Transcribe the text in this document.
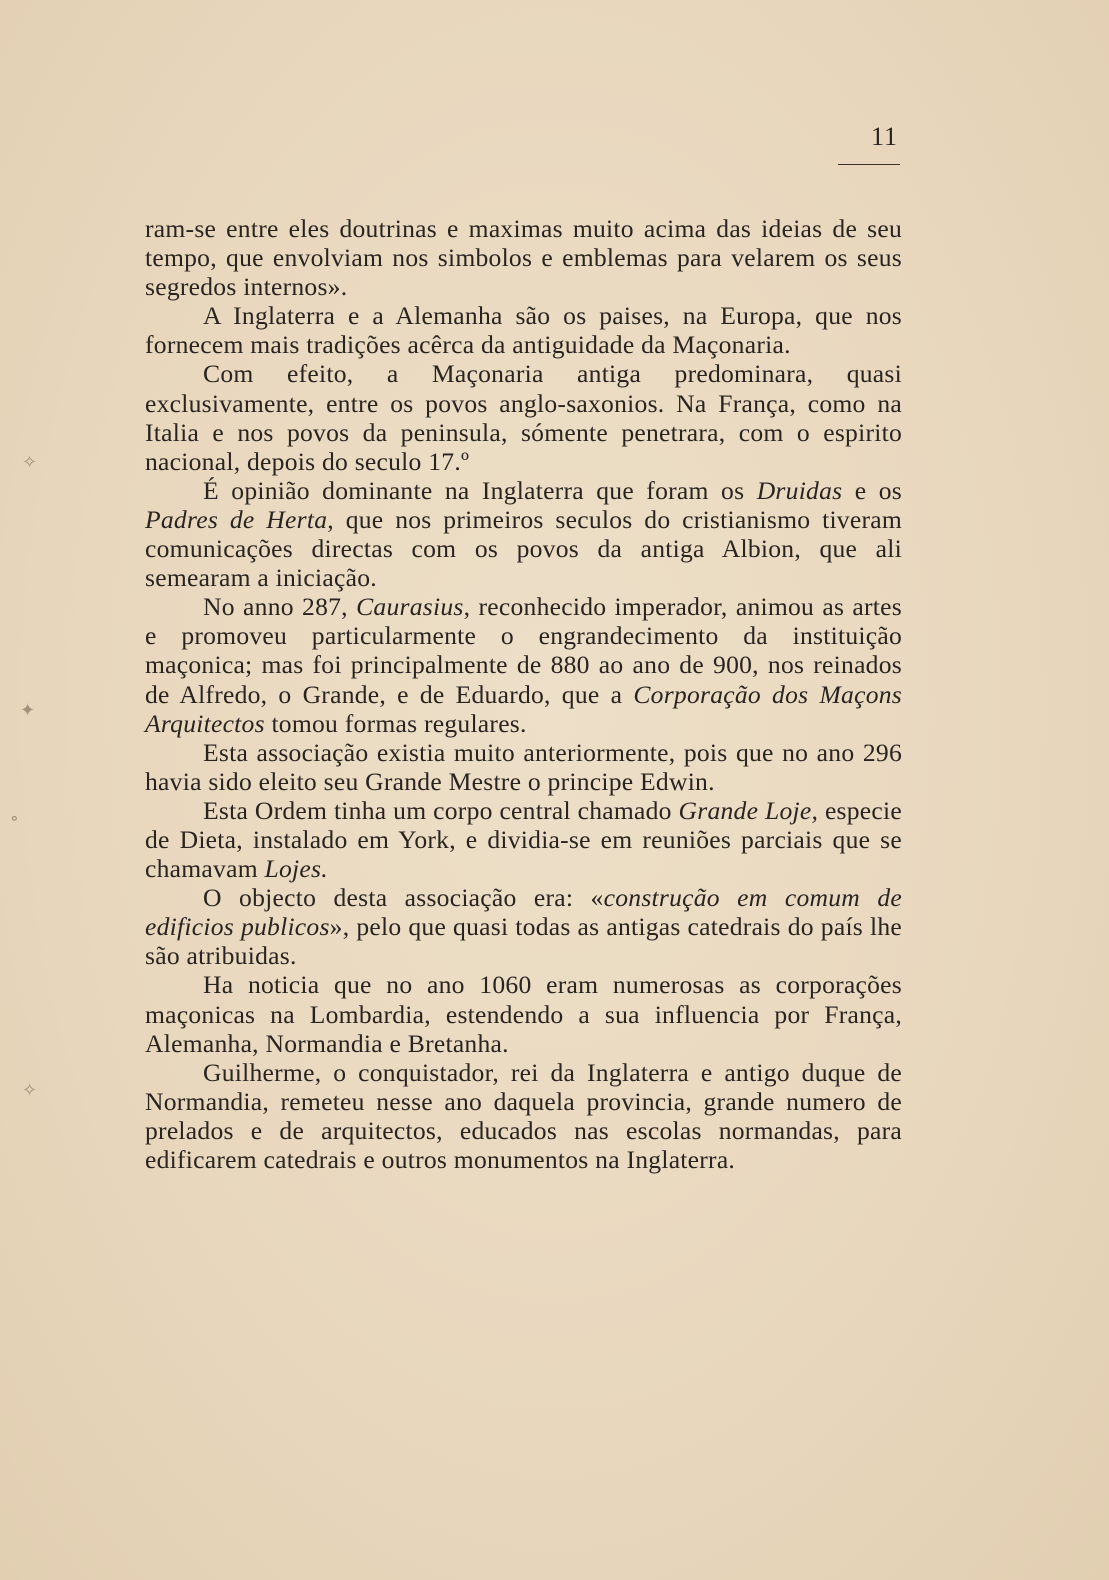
11
✧
✦
∘
✧

ram-se entre eles doutrinas e maximas muito acima das ideias de seu tempo, que envolviam nos simbolos e emblemas para velarem os seus segredos internos».

A Inglaterra e a Alemanha são os paises, na Europa, que nos fornecem mais tradições acêrca da antiguidade da Maçonaria.

Com efeito, a Maçonaria antiga predominara, quasi exclusivamente, entre os povos anglo-saxonios. Na França, como na Italia e nos povos da peninsula, sómente penetrara, com o espirito nacional, depois do seculo 17.º

É opinião dominante na Inglaterra que foram os Druidas e os Padres de Herta, que nos primeiros seculos do cristianismo tiveram comunicações directas com os povos da antiga Albion, que ali semearam a iniciação.

No anno 287, Caurasius, reconhecido imperador, animou as artes e promoveu particularmente o engrandecimento da instituição maçonica; mas foi principalmente de 880 ao ano de 900, nos reinados de Alfredo, o Grande, e de Eduardo, que a Corporação dos Maçons Arquitectos tomou formas regulares.

Esta associação existia muito anteriormente, pois que no ano 296 havia sido eleito seu Grande Mestre o principe Edwin.

Esta Ordem tinha um corpo central chamado Grande Loje, especie de Dieta, instalado em York, e dividia-se em reuniões parciais que se chamavam Lojes.

O objecto desta associação era: «construção em comum de edificios publicos», pelo que quasi todas as antigas catedrais do país lhe são atribuidas.

Ha noticia que no ano 1060 eram numerosas as corporações maçonicas na Lombardia, estendendo a sua influencia por França, Alemanha, Normandia e Bretanha.

Guilherme, o conquistador, rei da Inglaterra e antigo duque de Normandia, remeteu nesse ano daquela provincia, grande numero de prelados e de arquitectos, educados nas escolas normandas, para edificarem catedrais e outros monumentos na Inglaterra.
